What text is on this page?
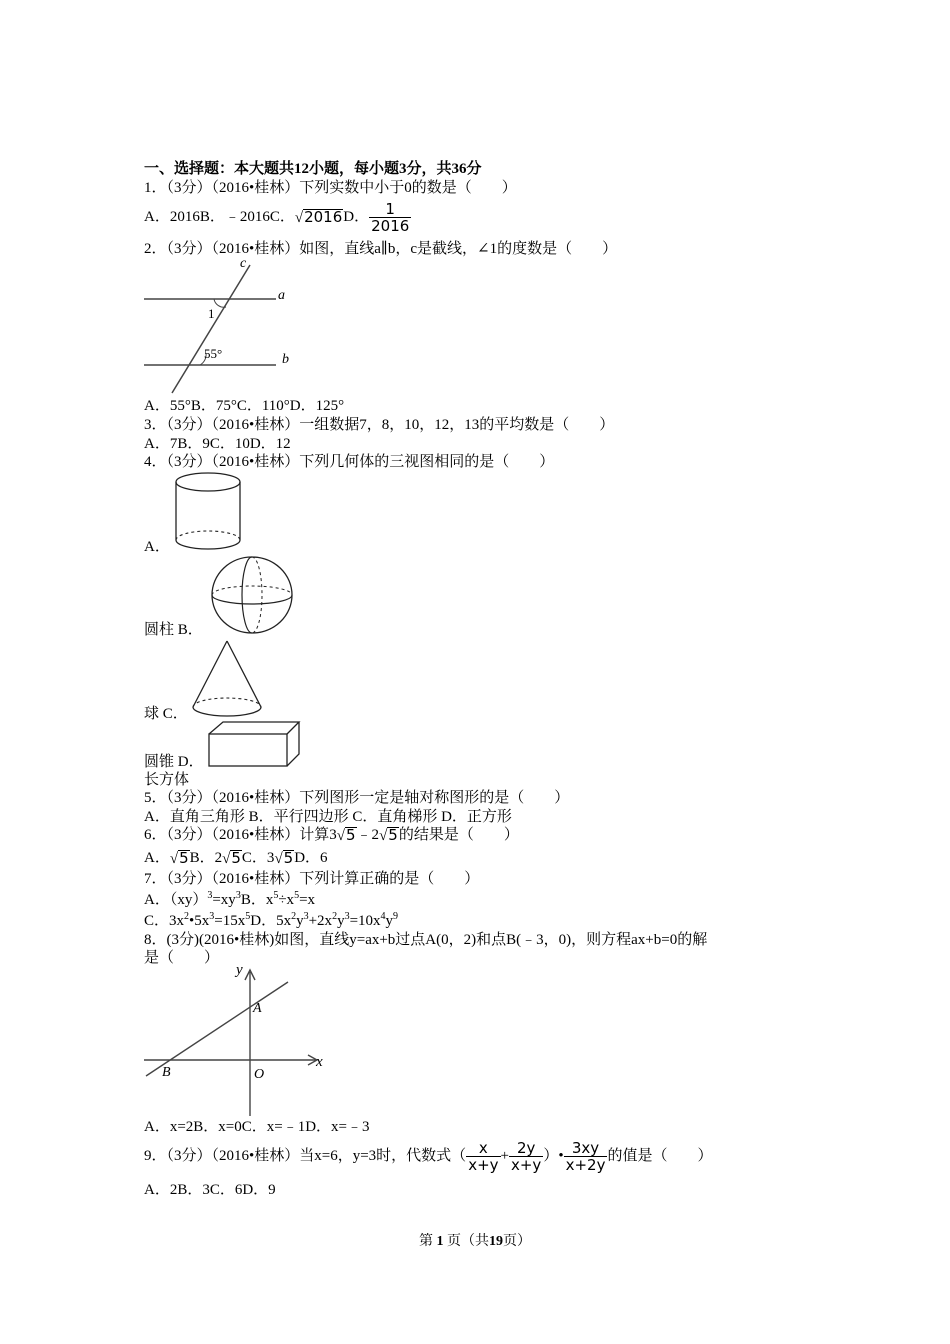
一、选择题：本大题共12小题，每小题3分，共36分
1．（3分）（2016•桂林）下列实数中小于0的数是（　　）
A．2016B．﹣2016C．√2016D． $\frac{1}{2016}$
2．（3分）（2016•桂林）如图，直线a∥b，c是截线，∠1的度数是（　　）
c
a
b
1
55°
A．55°B．75°C．110°D．125°
3．（3分）（2016•桂林）一组数据7，8，10，12，13的平均数是（　　）
A．7B．9C．10D．12
4．（3分）（2016•桂林）下列几何体的三视图相同的是（　　）
A．
圆柱 B．
球 C．
圆锥 D．
长方体
5．（3分）（2016•桂林）下列图形一定是轴对称图形的是（　　）
A．直角三角形 B．平行四边形 C．直角梯形 D．正方形
6．（3分）（2016•桂林）计算3√5﹣2√5的结果是（　　）
A．√5B．2√5C．3√5D．6
7．（3分）（2016•桂林）下列计算正确的是（　　）
A．$(xy)^3=xy^3B$．$x^5\div x^5=x$
C．$3x^2•5x^3=15x^5D$．$5x^2y^3+2x^2y^3=10x^4y^9$
8．(3分)(2016•桂林)如图，直线y=ax+b过点A(0，2)和点B(﹣3，0)，则方程ax+b=0的解
是（　　）
y
x
A
B	O
A．x=2B．x=0C．x=﹣1D．x=﹣3
9．（3分）（2016•桂林）当x=6，y=3时，代数式（ $\frac{x}{x+y} + \frac{2y}{x+y}$ ）• $\frac{3xy}{x+2y}$ 的值是（　　）
A．2B．3C．6D．9
第 1 页（共19页）
